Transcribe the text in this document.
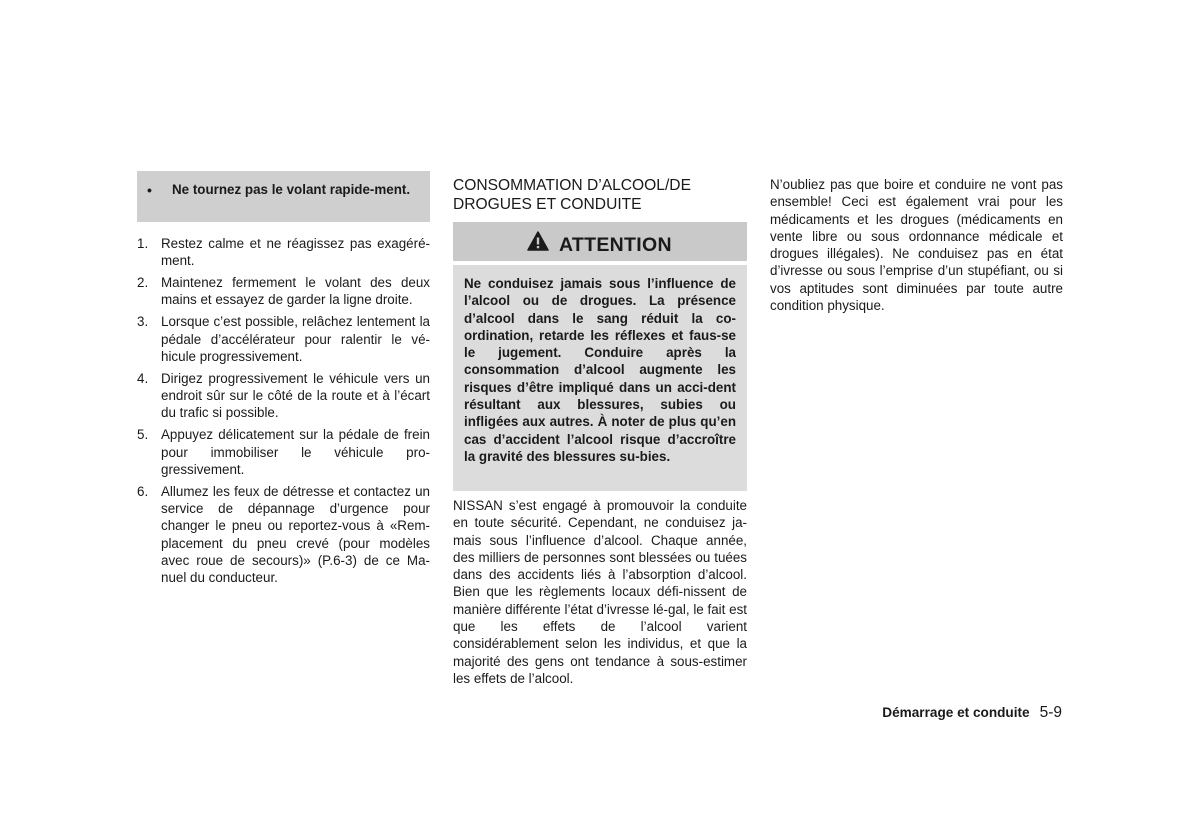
• Ne tournez pas le volant rapide-ment.
1. Restez calme et ne réagissez pas exagéré-ment.
2. Maintenez fermement le volant des deux mains et essayez de garder la ligne droite.
3. Lorsque c’est possible, relâchez lentement la pédale d’accélérateur pour ralentir le vé-hicule progressivement.
4. Dirigez progressivement le véhicule vers un endroit sûr sur le côté de la route et à l’écart du trafic si possible.
5. Appuyez délicatement sur la pédale de frein pour immobiliser le véhicule pro-gressivement.
6. Allumez les feux de détresse et contactez un service de dépannage d’urgence pour changer le pneu ou reportez-vous à «Rem-placement du pneu crevé (pour modèles avec roue de secours)» (P.6-3) de ce Ma-nuel du conducteur.
CONSOMMATION D’ALCOOL/DE DROGUES ET CONDUITE
ATTENTION
Ne conduisez jamais sous l’influence de l’alcool ou de drogues. La présence d’alcool dans le sang réduit la co-ordination, retarde les réflexes et faus-se le jugement. Conduire après la consommation d’alcool augmente les risques d’être impliqué dans un acci-dent résultant aux blessures, subies ou infligées aux autres. À noter de plus qu’en cas d’accident l’alcool risque d’accroître la gravité des blessures su-bies.
NISSAN s’est engagé à promouvoir la conduite en toute sécurité. Cependant, ne conduisez ja-mais sous l’influence d’alcool. Chaque année, des milliers de personnes sont blessées ou tuées dans des accidents liés à l’absorption d’alcool. Bien que les règlements locaux défi-nissent de manière différente l’état d’ivresse lé-gal, le fait est que les effets de l’alcool varient considérablement selon les individus, et que la majorité des gens ont tendance à sous-estimer les effets de l’alcool.
N’oubliez pas que boire et conduire ne vont pas ensemble! Ceci est également vrai pour les médicaments et les drogues (médicaments en vente libre ou sous ordonnance médicale et drogues illégales). Ne conduisez pas en état d’ivresse ou sous l’emprise d’un stupéfiant, ou si vos aptitudes sont diminuées par toute autre condition physique.
Démarrage et conduite 5-9
